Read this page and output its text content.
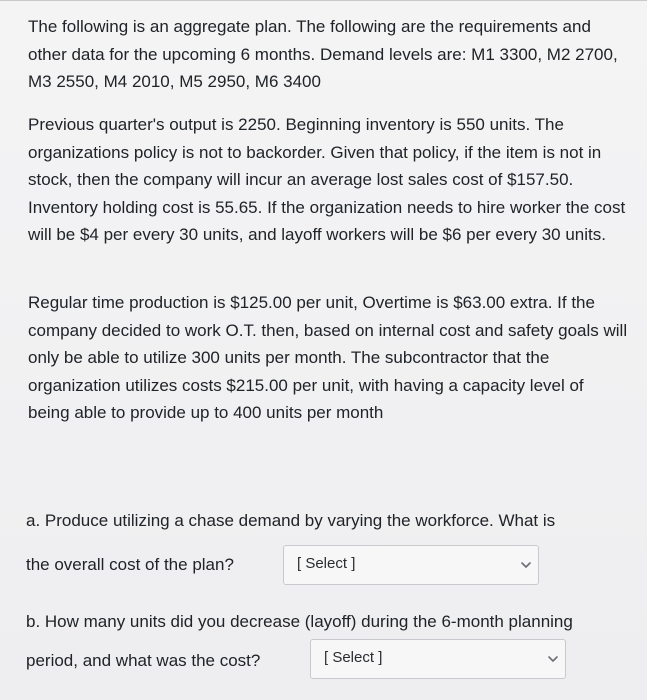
The following is an aggregate plan. The following are the requirements and other data for the upcoming 6 months. Demand levels are: M1 3300, M2 2700, M3 2550, M4 2010, M5 2950, M6 3400

Previous quarter's output is 2250. Beginning inventory is 550 units. The organizations policy is not to backorder. Given that policy, if the item is not in stock, then the company will incur an average lost sales cost of $157.50. Inventory holding cost is 55.65. If the organization needs to hire worker the cost will be $4 per every 30 units, and layoff workers will be $6 per every 30 units.

Regular time production is $125.00 per unit, Overtime is $63.00 extra. If the company decided to work O.T. then, based on internal cost and safety goals will only be able to utilize 300 units per month. The subcontractor that the organization utilizes costs $215.00 per unit, with having a capacity level of being able to provide up to 400 units per month

a. Produce utilizing a chase demand by varying the workforce. What is
the overall cost of the plan?	[ Select ]
b. How many units did you decrease (layoff) during the 6-month planning
period, and what was the cost?	[ Select ]
